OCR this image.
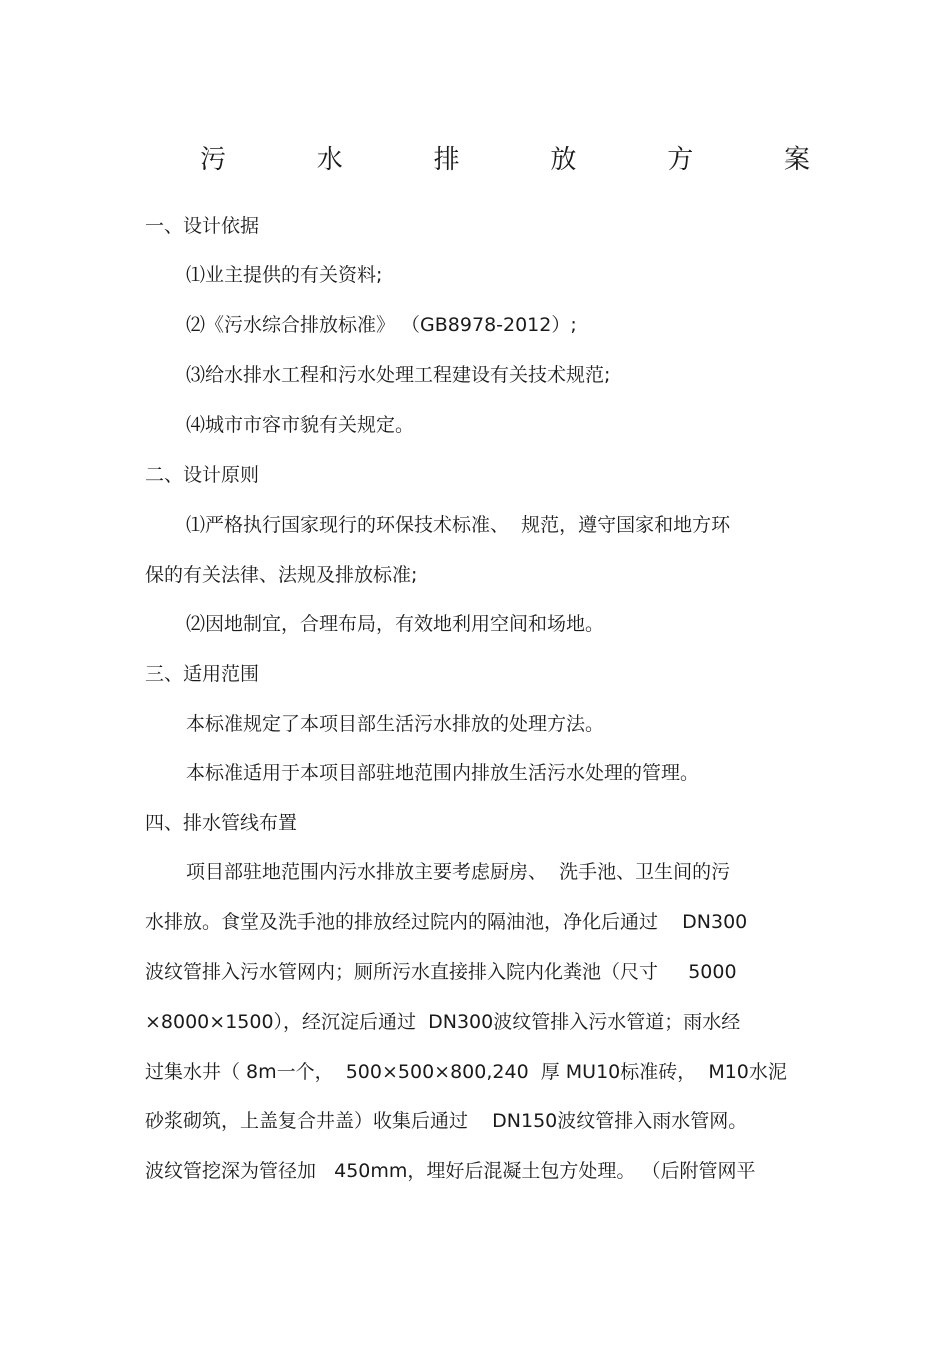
污	水	排	放	方	案
一、设计依据
⑴业主提供的有关资料;
⑵《污水综合排放标准》 （GB8978-2012）;
⑶给水排水工程和污水处理工程建设有关技术规范;
⑷城市市容市貌有关规定。
二、设计原则
⑴严格执行国家现行的环保技术标准、  规范，遵守国家和地方环
保的有关法律、法规及排放标准;
⑵因地制宜，合理布局，有效地利用空间和场地。
三、适用范围
本标准规定了本项目部生活污水排放的处理方法。
本标准适用于本项目部驻地范围内排放生活污水处理的管理。
四、排水管线布置
项目部驻地范围内污水排放主要考虑厨房、  洗手池、卫生间的污
水排放。食堂及洗手池的排放经过院内的隔油池，净化后通过    DN300
波纹管排入污水管网内；厕所污水直接排入院内化粪池（尺寸     5000
×8000×1500），经沉淀后通过  DN300波纹管排入污水管道；雨水经
过集水井（ 8m一个，  500×500×800,240  厚 MU10标准砖，  M10水泥
砂浆砌筑，上盖复合井盖）收集后通过    DN150波纹管排入雨水管网。
波纹管挖深为管径加   450mm，埋好后混凝土包方处理。 （后附管网平
